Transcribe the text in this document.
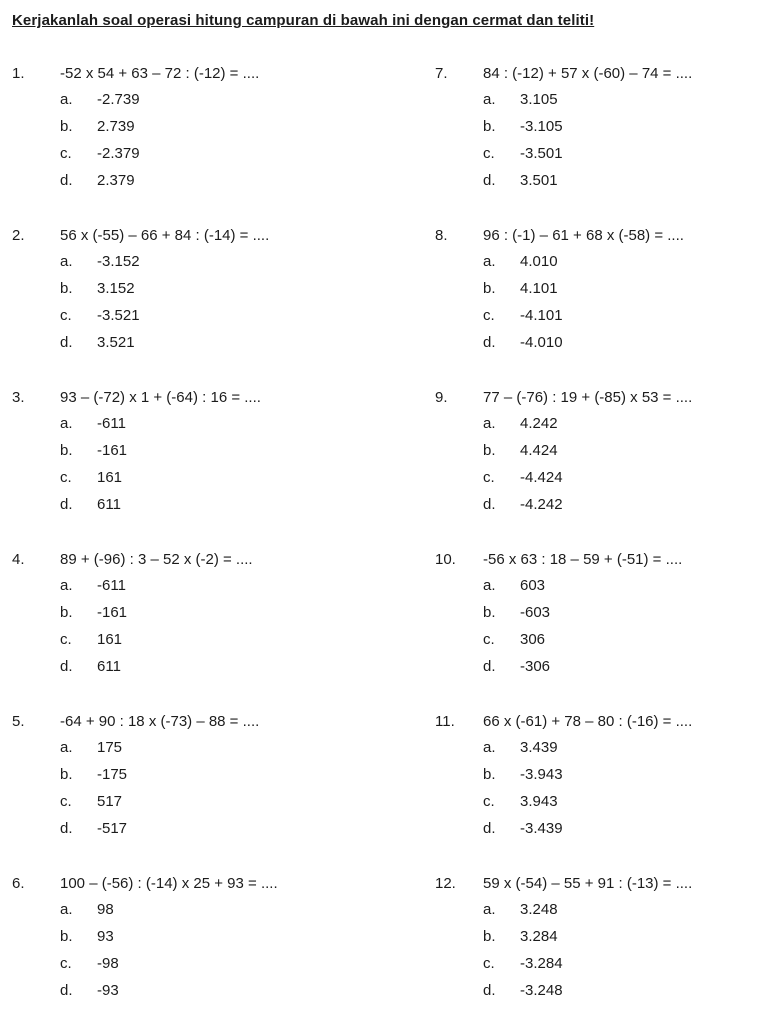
Kerjakanlah soal operasi hitung campuran di bawah ini dengan cermat dan teliti!
1.	-52 x 54 + 63 – 72 : (-12) = ....
a.	-2.739
b.	2.739
c.	-2.379
d.	2.379
2.	56 x (-55) – 66 + 84 : (-14) = ....
a.	-3.152
b.	3.152
c.	-3.521
d.	3.521
3.	93 – (-72) x 1 + (-64) : 16 = ....
a.	-611
b.	-161
c.	161
d.	611
4.	89 + (-96) : 3 – 52 x (-2) = ....
a.	-611
b.	-161
c.	161
d.	611
5.	-64 + 90 : 18 x (-73) – 88 = ....
a.	175
b.	-175
c.	517
d.	-517
6.	100 – (-56) : (-14) x 25 + 93 = ....
a.	98
b.	93
c.	-98
d.	-93
7.	84 : (-12) + 57 x (-60) – 74 = ....
a.	3.105
b.	-3.105
c.	-3.501
d.	3.501
8.	96 : (-1) – 61 + 68 x (-58) = ....
a.	4.010
b.	4.101
c.	-4.101
d.	-4.010
9.	77 – (-76) : 19 + (-85) x 53 = ....
a.	4.242
b.	4.424
c.	-4.424
d.	-4.242
10.	-56 x 63 : 18 – 59 + (-51) = ....
a.	603
b.	-603
c.	306
d.	-306
11.	66 x (-61) + 78 – 80 : (-16) = ....
a.	3.439
b.	-3.943
c.	3.943
d.	-3.439
12.	59 x (-54) – 55 + 91 : (-13) = ....
a.	3.248
b.	3.284
c.	-3.284
d.	-3.248
